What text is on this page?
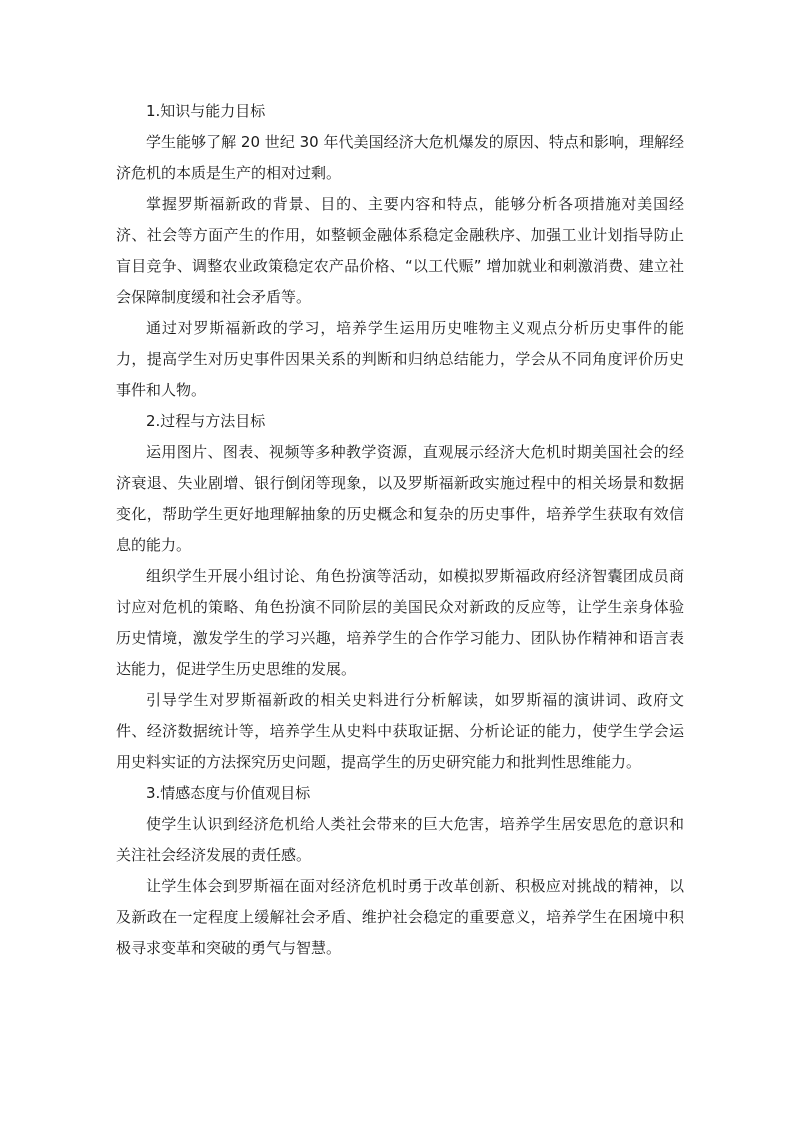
1.知识与能力目标

学生能够了解 20 世纪 30 年代美国经济大危机爆发的原因、特点和影响，理解经济危机的本质是生产的相对过剩。

掌握罗斯福新政的背景、目的、主要内容和特点，能够分析各项措施对美国经济、社会等方面产生的作用，如整顿金融体系稳定金融秩序、加强工业计划指导防止盲目竞争、调整农业政策稳定农产品价格、“以工代赈” 增加就业和刺激消费、建立社会保障制度缓和社会矛盾等。

通过对罗斯福新政的学习，培养学生运用历史唯物主义观点分析历史事件的能力，提高学生对历史事件因果关系的判断和归纳总结能力，学会从不同角度评价历史事件和人物。

2.过程与方法目标

运用图片、图表、视频等多种教学资源，直观展示经济大危机时期美国社会的经济衰退、失业剧增、银行倒闭等现象，以及罗斯福新政实施过程中的相关场景和数据变化，帮助学生更好地理解抽象的历史概念和复杂的历史事件，培养学生获取有效信息的能力。

组织学生开展小组讨论、角色扮演等活动，如模拟罗斯福政府经济智囊团成员商讨应对危机的策略、角色扮演不同阶层的美国民众对新政的反应等，让学生亲身体验历史情境，激发学生的学习兴趣，培养学生的合作学习能力、团队协作精神和语言表达能力，促进学生历史思维的发展。

引导学生对罗斯福新政的相关史料进行分析解读，如罗斯福的演讲词、政府文件、经济数据统计等，培养学生从史料中获取证据、分析论证的能力，使学生学会运用史料实证的方法探究历史问题，提高学生的历史研究能力和批判性思维能力。

3.情感态度与价值观目标

使学生认识到经济危机给人类社会带来的巨大危害，培养学生居安思危的意识和关注社会经济发展的责任感。

让学生体会到罗斯福在面对经济危机时勇于改革创新、积极应对挑战的精神，以及新政在一定程度上缓解社会矛盾、维护社会稳定的重要意义，培养学生在困境中积极寻求变革和突破的勇气与智慧。
